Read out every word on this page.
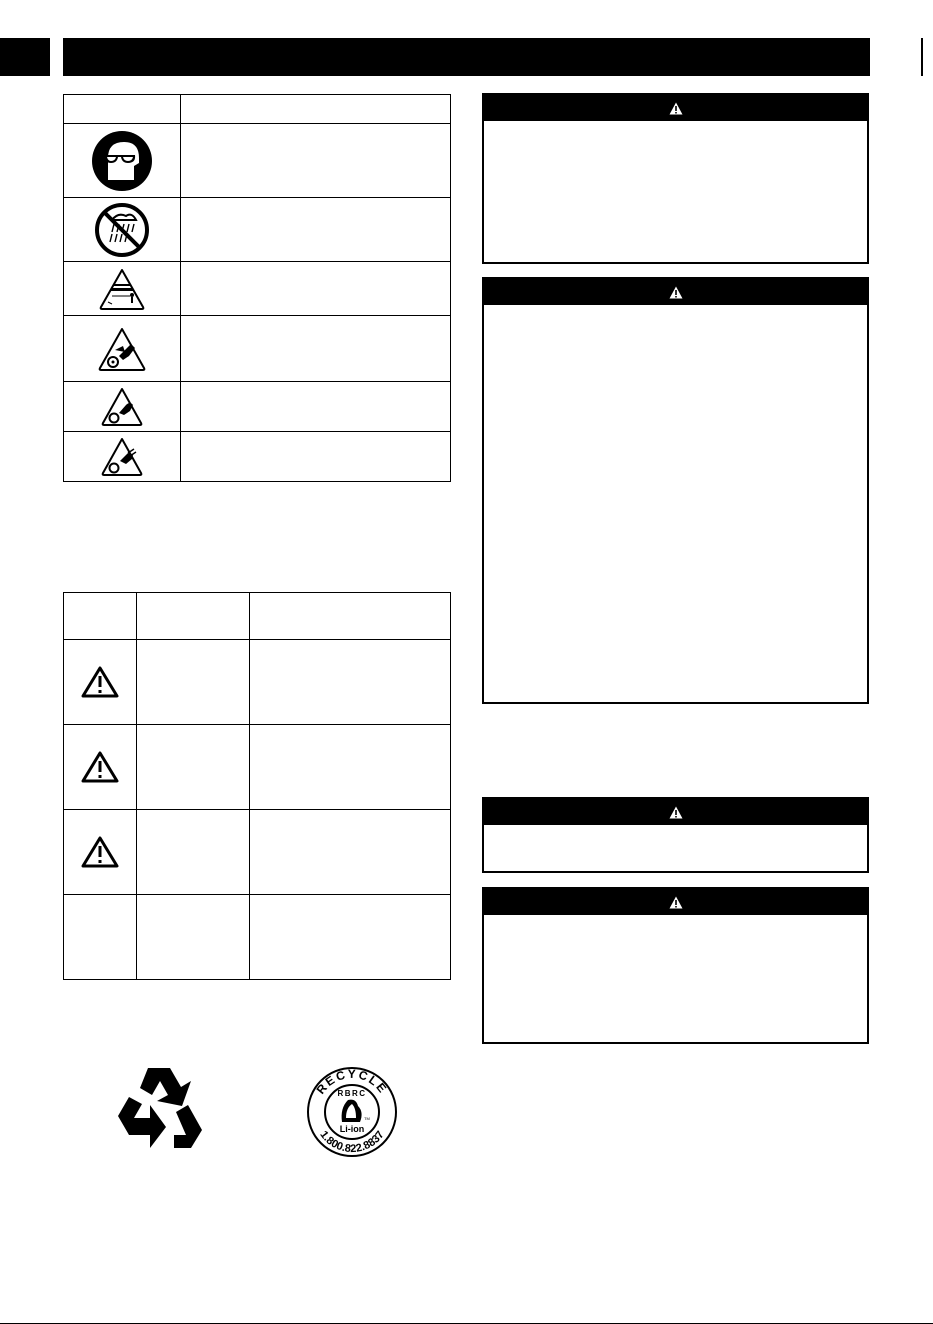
RECYCLE
1.800.822.8837
RBRC
TM
Li-ion
